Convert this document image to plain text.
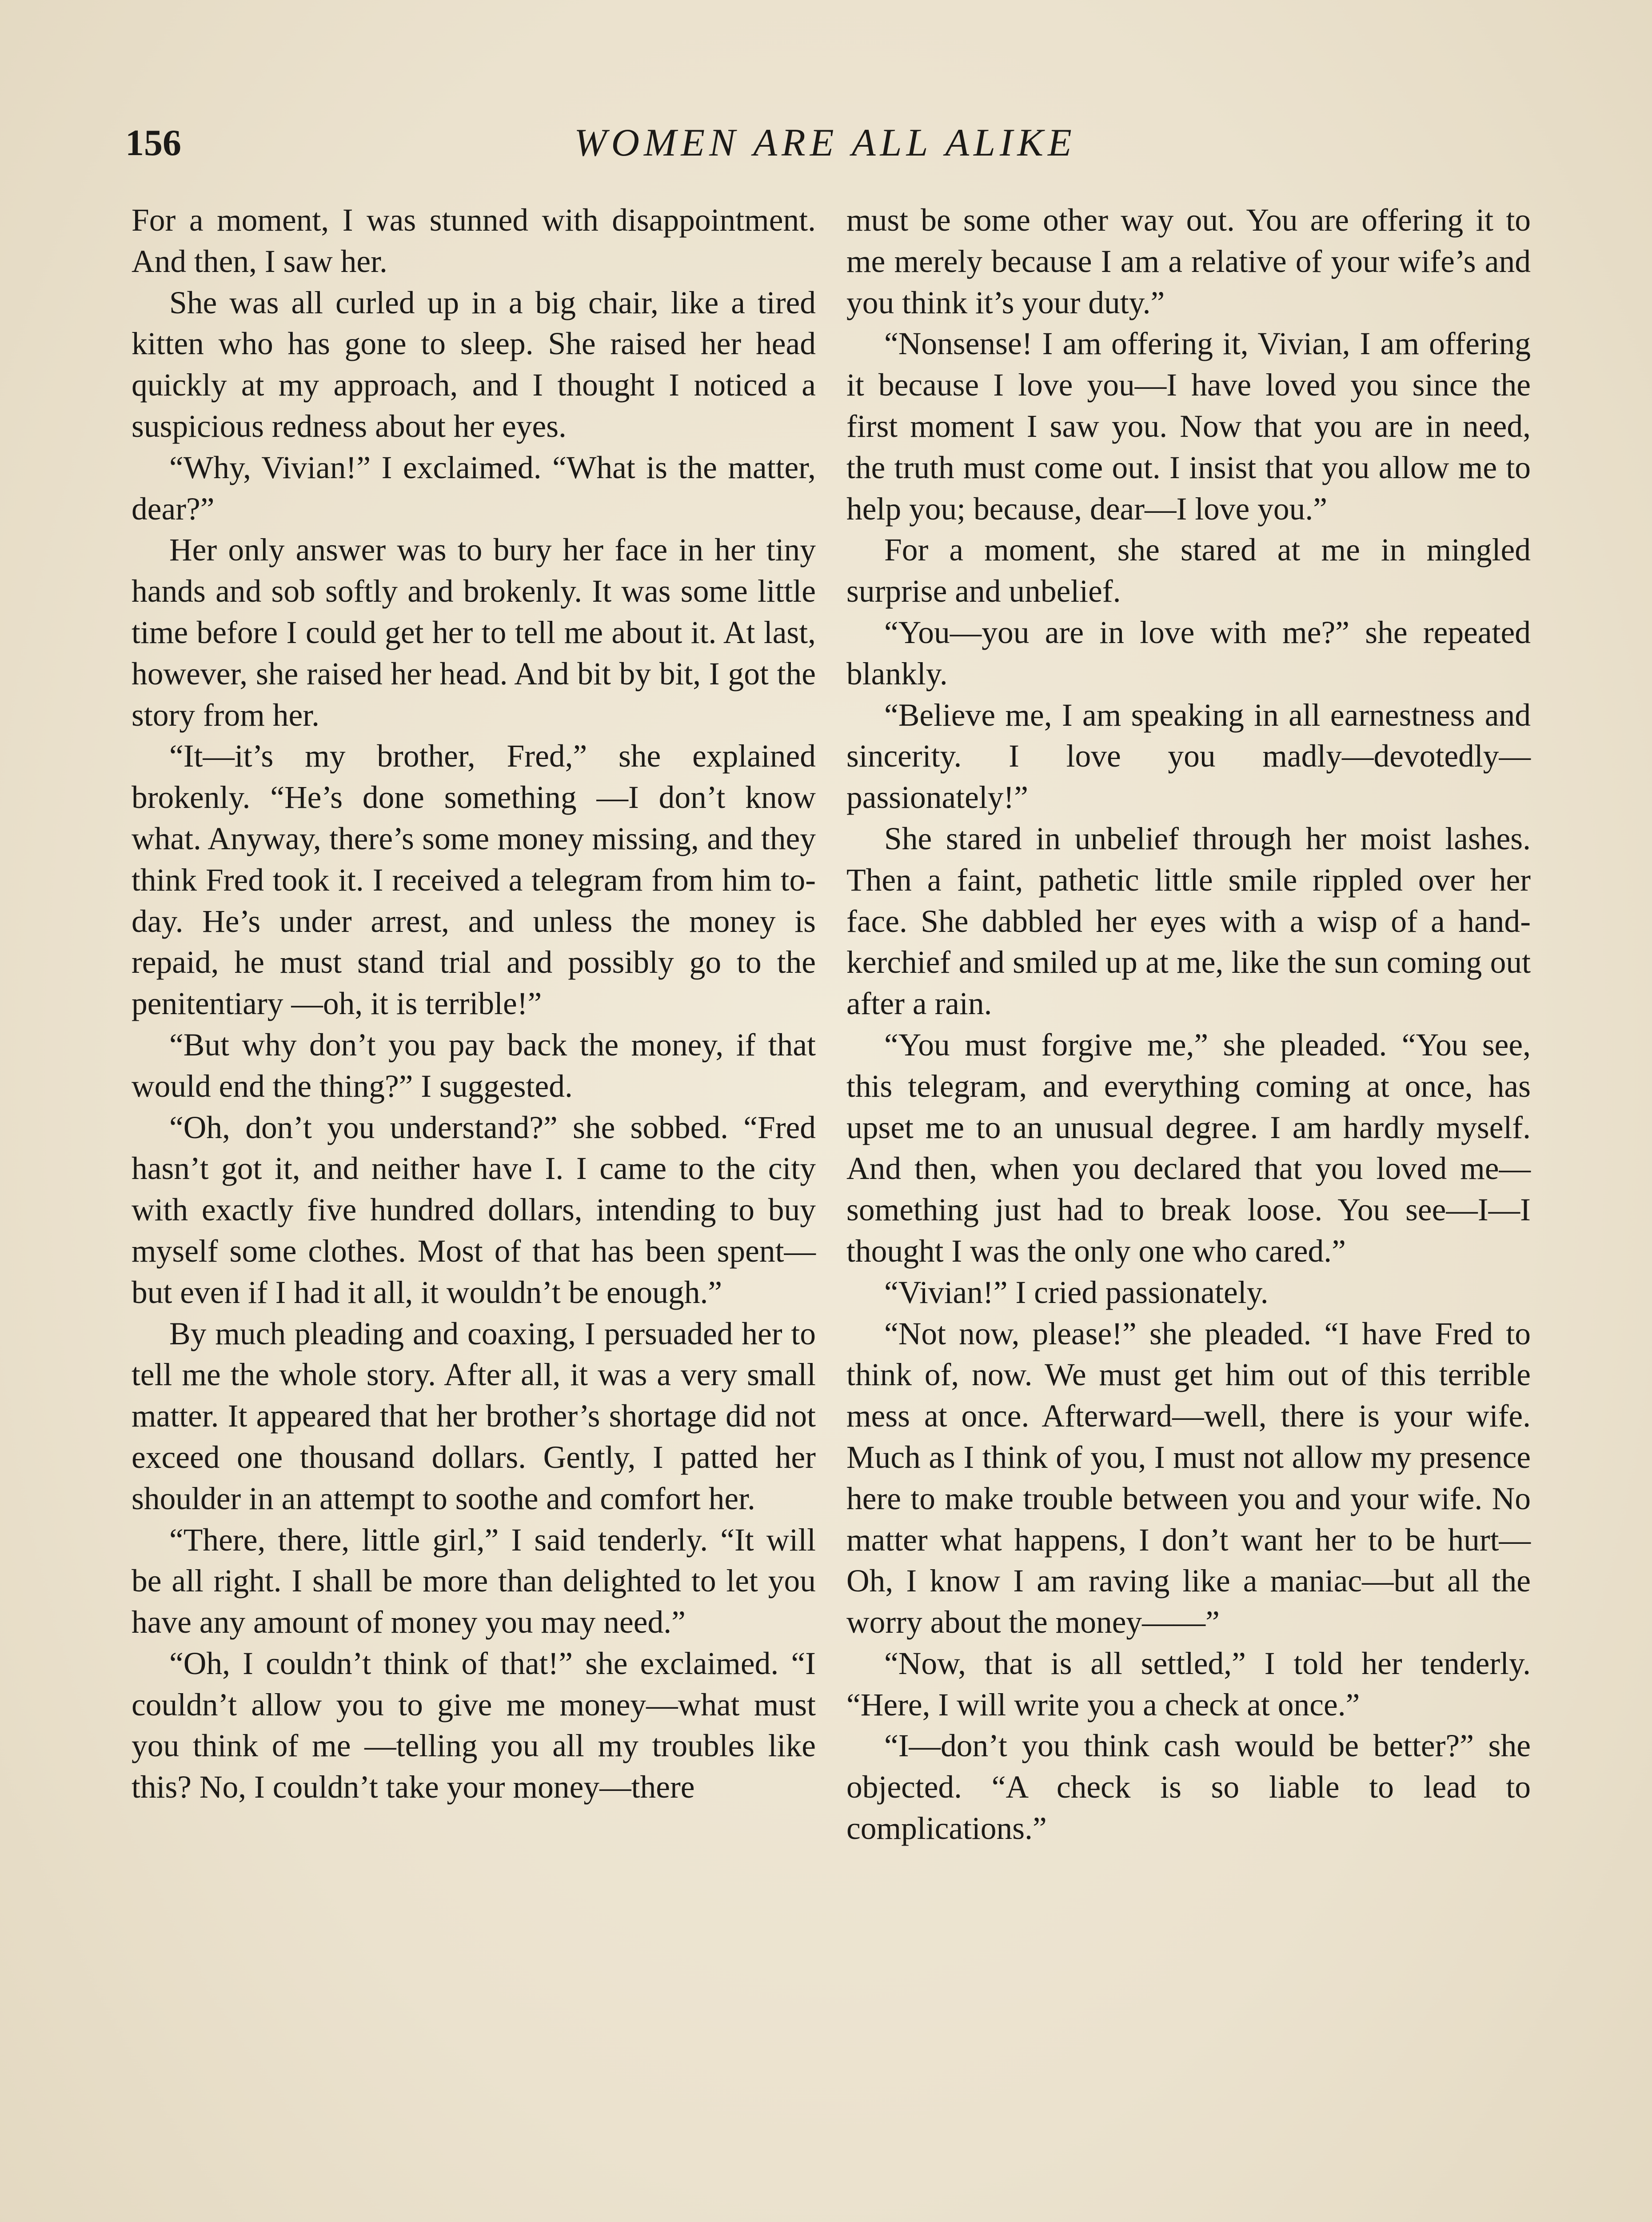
156	WOMEN ARE ALL ALIKE

For a moment, I was stunned with disappointment. And then, I saw her.

She was all curled up in a big chair, like a tired kitten who has gone to sleep. She raised her head quickly at my approach, and I thought I noticed a suspicious redness about her eyes.

“Why, Vivian!” I exclaimed. “What is the matter, dear?”

Her only answer was to bury her face in her tiny hands and sob softly and brokenly. It was some little time before I could get her to tell me about it. At last, however, she raised her head. And bit by bit, I got the story from her.

“It—it’s my brother, Fred,” she explained brokenly. “He’s done something —I don’t know what. Anyway, there’s some money missing, and they think Fred took it. I received a telegram from him to-day. He’s under arrest, and unless the money is repaid, he must stand trial and possibly go to the penitentiary —oh, it is terrible!”

“But why don’t you pay back the money, if that would end the thing?” I suggested.

“Oh, don’t you understand?” she sobbed. “Fred hasn’t got it, and neither have I. I came to the city with exactly five hundred dollars, intending to buy myself some clothes. Most of that has been spent—but even if I had it all, it wouldn’t be enough.”

By much pleading and coaxing, I persuaded her to tell me the whole story. After all, it was a very small matter. It appeared that her brother’s shortage did not exceed one thousand dollars. Gently, I patted her shoulder in an attempt to soothe and comfort her.

“There, there, little girl,” I said tenderly. “It will be all right. I shall be more than delighted to let you have any amount of money you may need.”

“Oh, I couldn’t think of that!” she exclaimed. “I couldn’t allow you to give me money—what must you think of me —telling you all my troubles like this? No, I couldn’t take your money—there

must be some other way out. You are offering it to me merely because I am a relative of your wife’s and you think it’s your duty.”

“Nonsense! I am offering it, Vivian, I am offering it because I love you—I have loved you since the first moment I saw you. Now that you are in need, the truth must come out. I insist that you allow me to help you; because, dear—I love you.”

For a moment, she stared at me in mingled surprise and unbelief.

“You—you are in love with me?” she repeated blankly.

“Believe me, I am speaking in all earnestness and sincerity. I love you madly—devotedly—passionately!”

She stared in unbelief through her moist lashes. Then a faint, pathetic little smile rippled over her face. She dabbled her eyes with a wisp of a handkerchief and smiled up at me, like the sun coming out after a rain.

“You must forgive me,” she pleaded. “You see, this telegram, and everything coming at once, has upset me to an unusual degree. I am hardly myself. And then, when you declared that you loved me—something just had to break loose. You see—I—I thought I was the only one who cared.”

“Vivian!” I cried passionately.

“Not now, please!” she pleaded. “I have Fred to think of, now. We must get him out of this terrible mess at once. Afterward—well, there is your wife. Much as I think of you, I must not allow my presence here to make trouble between you and your wife. No matter what happens, I don’t want her to be hurt— Oh, I know I am raving like a maniac—but all the worry about the money——”

“Now, that is all settled,” I told her tenderly. “Here, I will write you a check at once.”

“I—don’t you think cash would be better?” she objected. “A check is so liable to lead to complications.”
